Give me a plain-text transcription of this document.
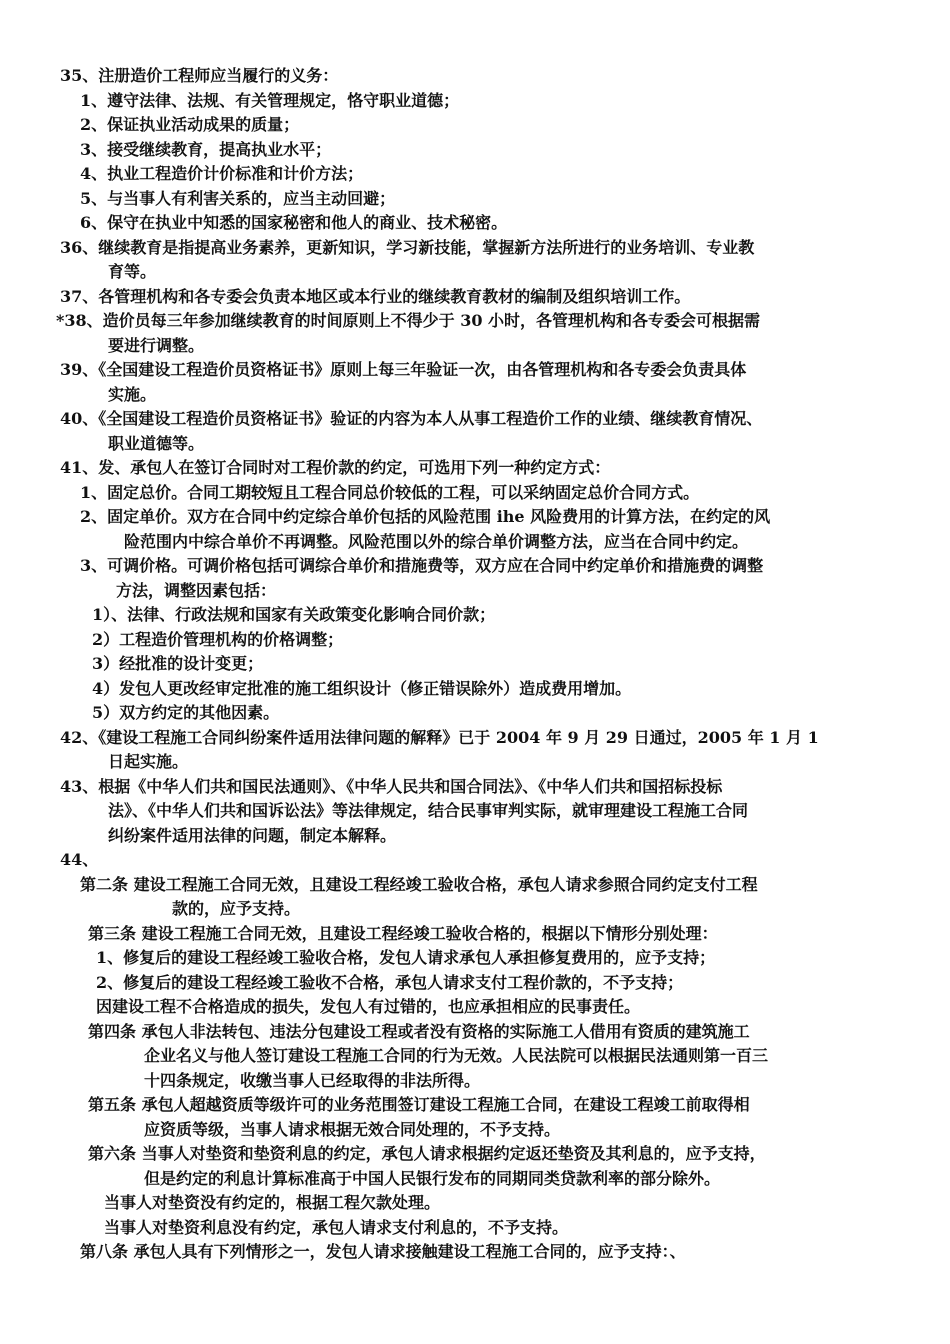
35、注册造价工程师应当履行的义务：
1、遵守法律、法规、有关管理规定，恪守职业道德；
2、保证执业活动成果的质量；
3、接受继续教育，提高执业水平；
4、执业工程造价计价标准和计价方法；
5、与当事人有利害关系的，应当主动回避；
6、保守在执业中知悉的国家秘密和他人的商业、技术秘密。
36、继续教育是指提高业务素养，更新知识，学习新技能，掌握新方法所进行的业务培训、专业教
育等。
37、各管理机构和各专委会负责本地区或本行业的继续教育教材的编制及组织培训工作。
*38、造价员每三年参加继续教育的时间原则上不得少于 30 小时，各管理机构和各专委会可根据需
要进行调整。
39、《全国建设工程造价员资格证书》原则上每三年验证一次，由各管理机构和各专委会负责具体
实施。
40、《全国建设工程造价员资格证书》验证的内容为本人从事工程造价工作的业绩、继续教育情况、
职业道德等。
41、发、承包人在签订合同时对工程价款的约定，可选用下列一种约定方式：
1、固定总价。合同工期较短且工程合同总价较低的工程，可以采纳固定总价合同方式。
2、固定单价。双方在合同中约定综合单价包括的风险范围 ihe 风险费用的计算方法，在约定的风
险范围内中综合单价不再调整。风险范围以外的综合单价调整方法，应当在合同中约定。
3、可调价格。可调价格包括可调综合单价和措施费等，双方应在合同中约定单价和措施费的调整
方法，调整因素包括：
1）、法律、行政法规和国家有关政策变化影响合同价款；
2）工程造价管理机构的价格调整；
3）经批准的设计变更；
4）发包人更改经审定批准的施工组织设计（修正错误除外）造成费用增加。
5）双方约定的其他因素。
42、《建设工程施工合同纠纷案件适用法律问题的解释》已于 2004 年 9 月 29 日通过，2005 年 1 月 1
日起实施。
43、根据《中华人们共和国民法通则》、《中华人民共和国合同法》、《中华人们共和国招标投标
法》、《中华人们共和国诉讼法》等法律规定，结合民事审判实际，就审理建设工程施工合同
纠纷案件适用法律的问题，制定本解释。
44、
第二条 建设工程施工合同无效，且建设工程经竣工验收合格，承包人请求参照合同约定支付工程
款的，应予支持。
第三条 建设工程施工合同无效，且建设工程经竣工验收合格的，根据以下情形分别处理：
1、修复后的建设工程经竣工验收合格，发包人请求承包人承担修复费用的，应予支持；
2、修复后的建设工程经竣工验收不合格，承包人请求支付工程价款的，不予支持；
因建设工程不合格造成的损失，发包人有过错的，也应承担相应的民事责任。
第四条 承包人非法转包、违法分包建设工程或者没有资格的实际施工人借用有资质的建筑施工
企业名义与他人签订建设工程施工合同的行为无效。人民法院可以根据民法通则第一百三
十四条规定，收缴当事人已经取得的非法所得。
第五条 承包人超越资质等级许可的业务范围签订建设工程施工合同，在建设工程竣工前取得相
应资质等级，当事人请求根据无效合同处理的，不予支持。
第六条 当事人对垫资和垫资利息的约定，承包人请求根据约定返还垫资及其利息的，应予支持，
但是约定的利息计算标准高于中国人民银行发布的同期同类贷款利率的部分除外。
当事人对垫资没有约定的，根据工程欠款处理。
当事人对垫资利息没有约定，承包人请求支付利息的，不予支持。
第八条 承包人具有下列情形之一，发包人请求接触建设工程施工合同的，应予支持：、
